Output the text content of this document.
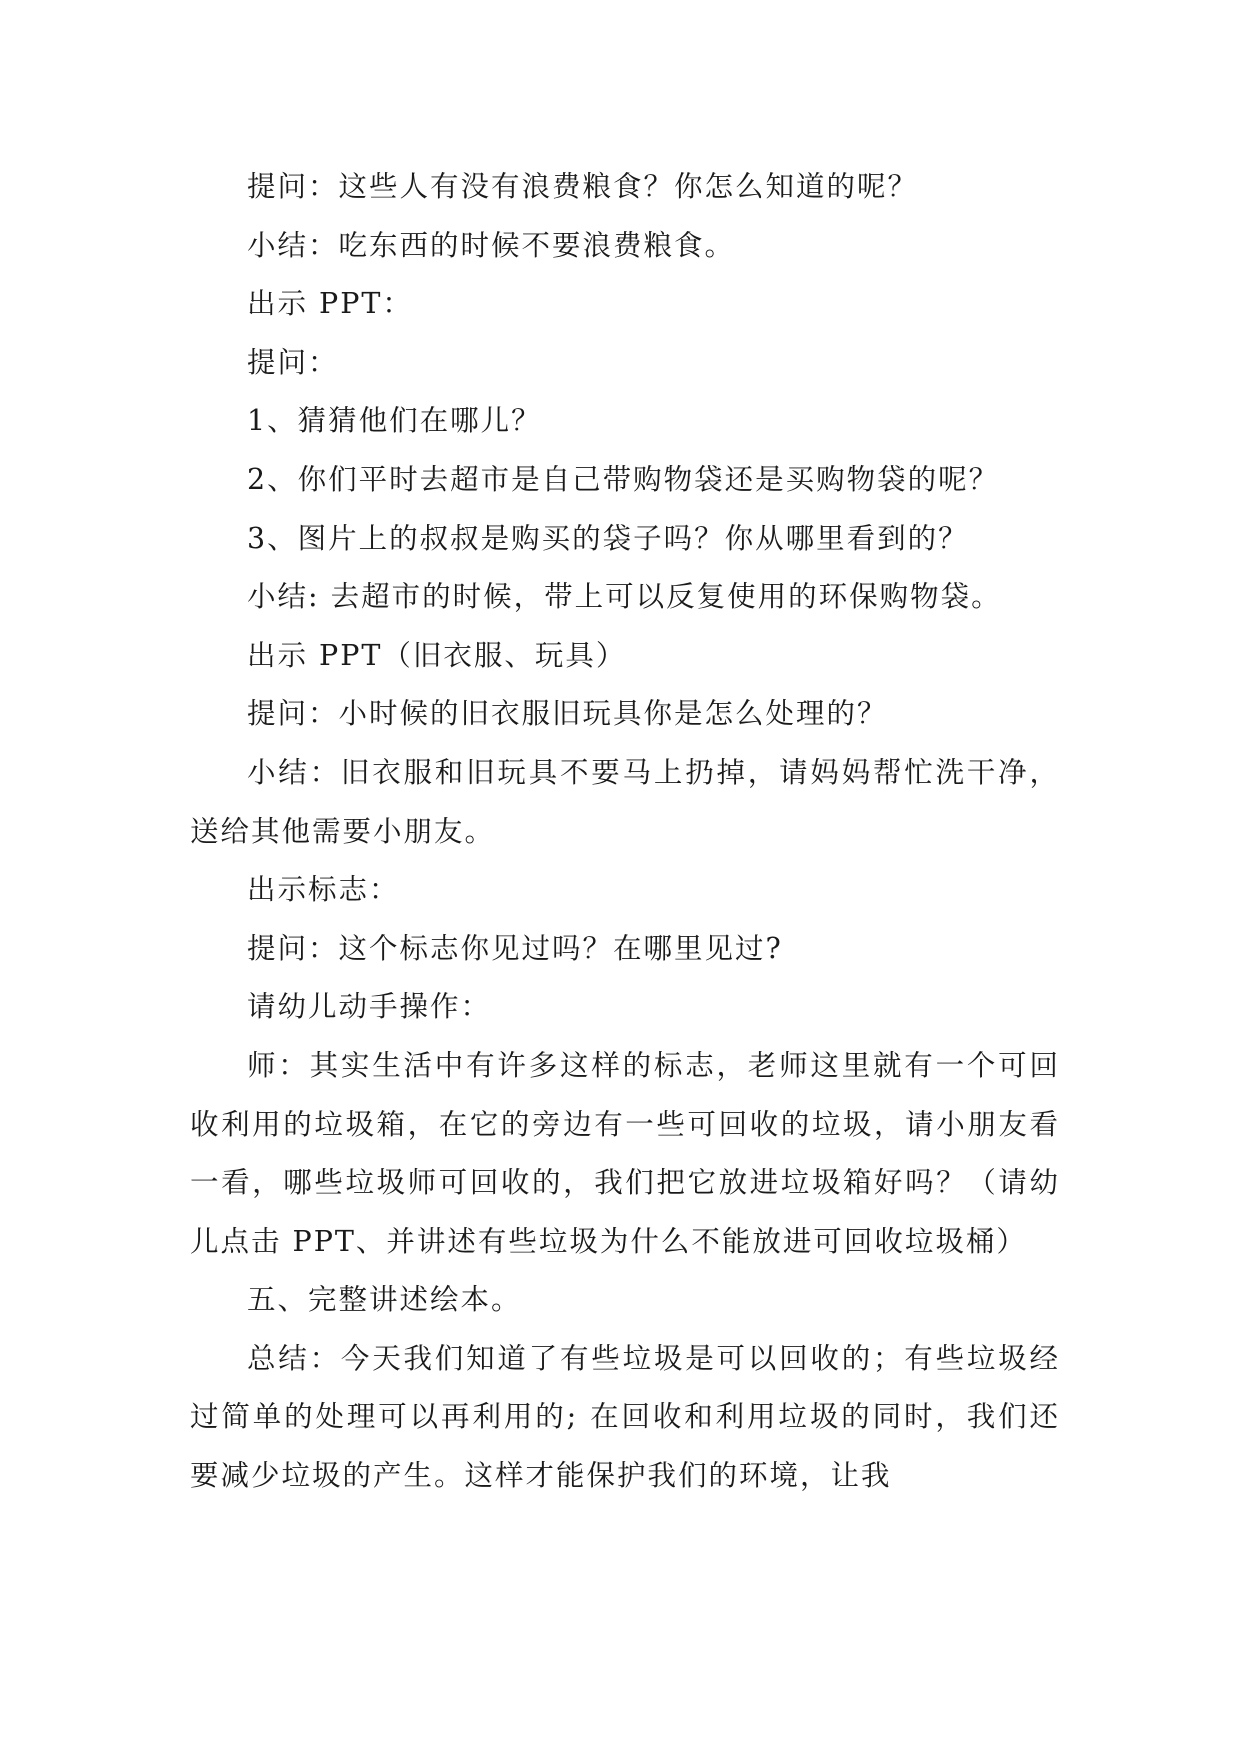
提问：这些人有没有浪费粮食？你怎么知道的呢？

小结：吃东西的时候不要浪费粮食。

出示 PPT：

提问：

1、猜猜他们在哪儿？

2、你们平时去超市是自己带购物袋还是买购物袋的呢？

3、图片上的叔叔是购买的袋子吗？你从哪里看到的？

小结: 去超市的时候，带上可以反复使用的环保购物袋。

出示 PPT（旧衣服、玩具）

提问：小时候的旧衣服旧玩具你是怎么处理的？

小结：旧衣服和旧玩具不要马上扔掉，请妈妈帮忙洗干净，送给其他需要小朋友。

出示标志：

提问：这个标志你见过吗？在哪里见过?

请幼儿动手操作：

师：其实生活中有许多这样的标志，老师这里就有一个可回收利用的垃圾箱，在它的旁边有一些可回收的垃圾，请小朋友看一看，哪些垃圾师可回收的，我们把它放进垃圾箱好吗？（请幼儿点击 PPT、并讲述有些垃圾为什么不能放进可回收垃圾桶）

五、完整讲述绘本。

总结：今天我们知道了有些垃圾是可以回收的；有些垃圾经过简单的处理可以再利用的; 在回收和利用垃圾的同时，我们还要减少垃圾的产生。这样才能保护我们的环境，让我
